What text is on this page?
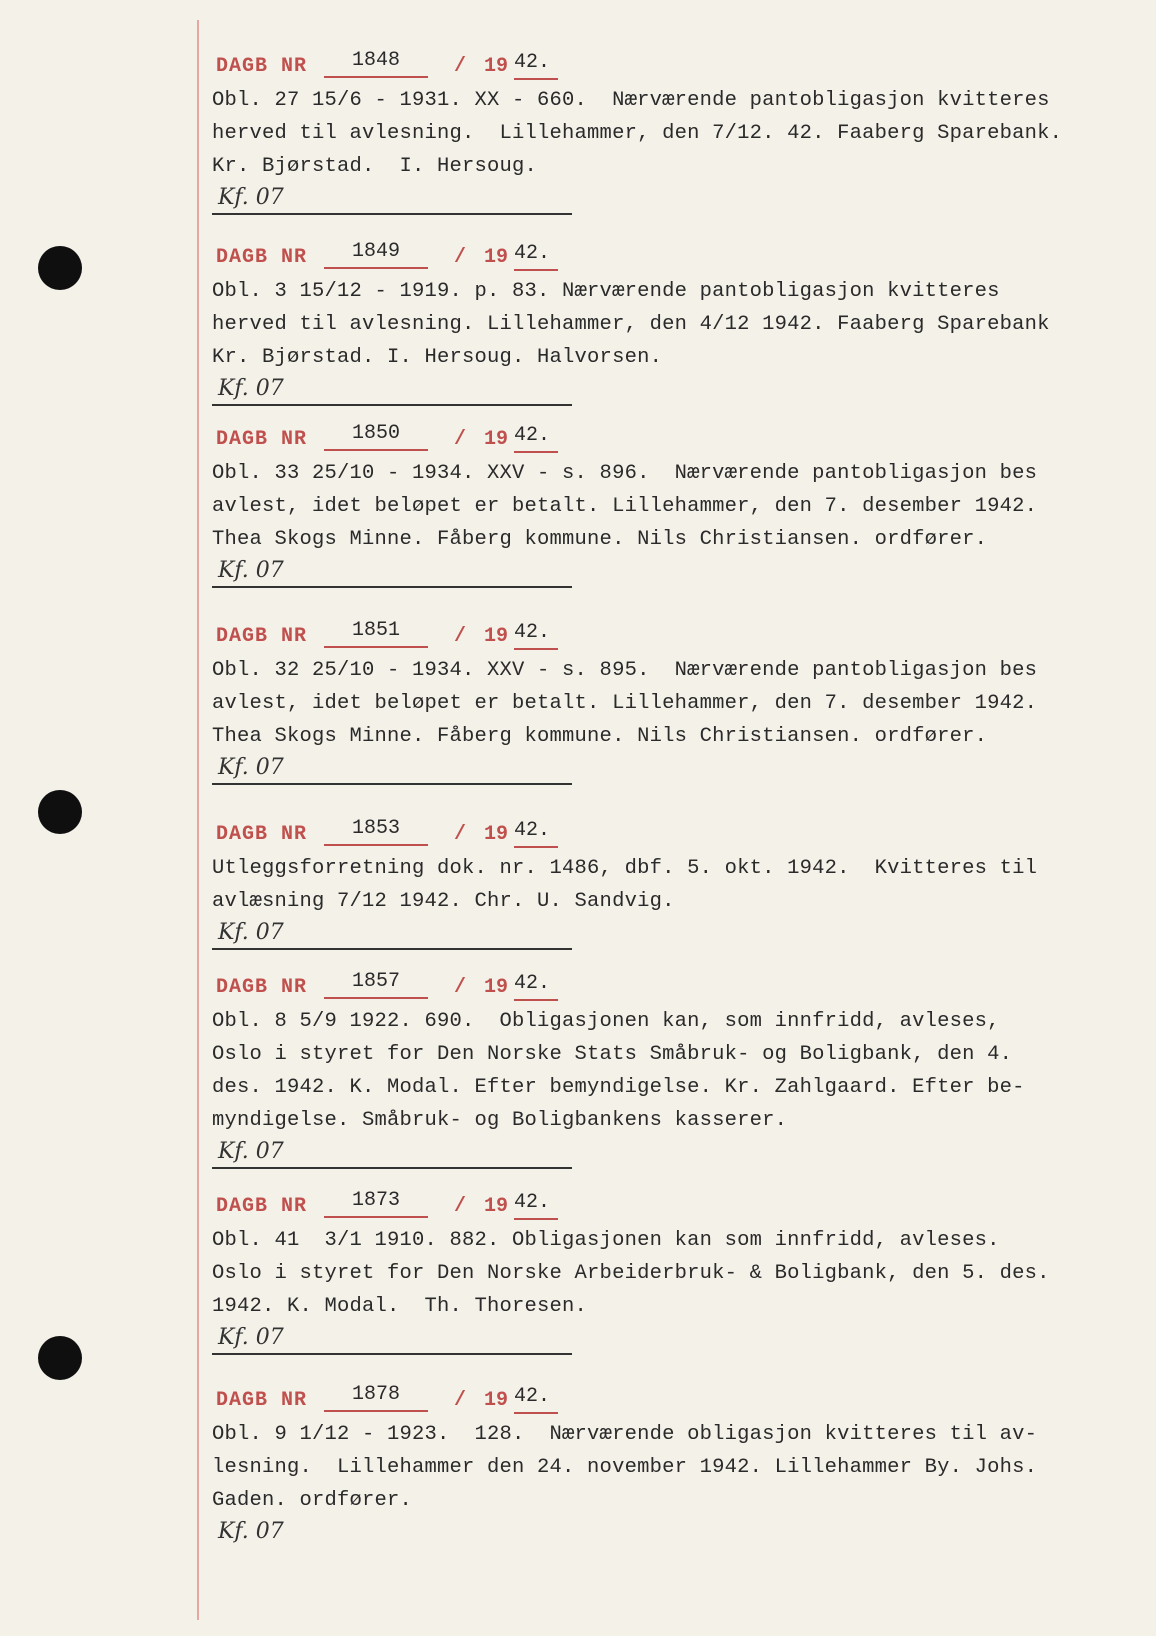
DAGB NR	1848	/ 19 42.
Obl. 27 15/6 - 1931. XX - 660.  Nærværende pantobligasjon kvitteres
herved til avlesning.  Lillehammer, den 7/12. 42. Faaberg Sparebank.
Kr. Bjørstad.  I. Hersoug.
Kf. 07
DAGB NR	1849	/ 19 42.
Obl. 3 15/12 - 1919. p. 83. Nærværende pantobligasjon kvitteres
herved til avlesning. Lillehammer, den 4/12 1942. Faaberg Sparebank
Kr. Bjørstad. I. Hersoug. Halvorsen.
Kf. 07
DAGB NR	1850	/ 19 42.
Obl. 33 25/10 - 1934. XXV - s. 896.  Nærværende pantobligasjon bes
avlest, idet beløpet er betalt. Lillehammer, den 7. desember 1942.
Thea Skogs Minne. Fåberg kommune. Nils Christiansen. ordfører.
Kf. 07
DAGB NR	1851	/ 19 42.
Obl. 32 25/10 - 1934. XXV - s. 895.  Nærværende pantobligasjon bes
avlest, idet beløpet er betalt. Lillehammer, den 7. desember 1942.
Thea Skogs Minne. Fåberg kommune. Nils Christiansen. ordfører.
Kf. 07
DAGB NR	1853	/ 19 42.
Utleggsforretning dok. nr. 1486, dbf. 5. okt. 1942.  Kvitteres til
avlæsning 7/12 1942. Chr. U. Sandvig.
Kf. 07
DAGB NR	1857	/ 19 42.
Obl. 8 5/9 1922. 690.  Obligasjonen kan, som innfridd, avleses,
Oslo i styret for Den Norske Stats Småbruk- og Boligbank, den 4.
des. 1942. K. Modal. Efter bemyndigelse. Kr. Zahlgaard. Efter be-
myndigelse. Småbruk- og Boligbankens kasserer.
Kf. 07
DAGB NR	1873	/ 19 42.
Obl. 41  3/1 1910. 882. Obligasjonen kan som innfridd, avleses.
Oslo i styret for Den Norske Arbeiderbruk- & Boligbank, den 5. des.
1942. K. Modal.  Th. Thoresen.
Kf. 07
DAGB NR	1878	/ 19 42.
Obl. 9 1/12 - 1923.  128.  Nærværende obligasjon kvitteres til av-
lesning.  Lillehammer den 24. november 1942. Lillehammer By. Johs.
Gaden. ordfører.
Kf. 07
